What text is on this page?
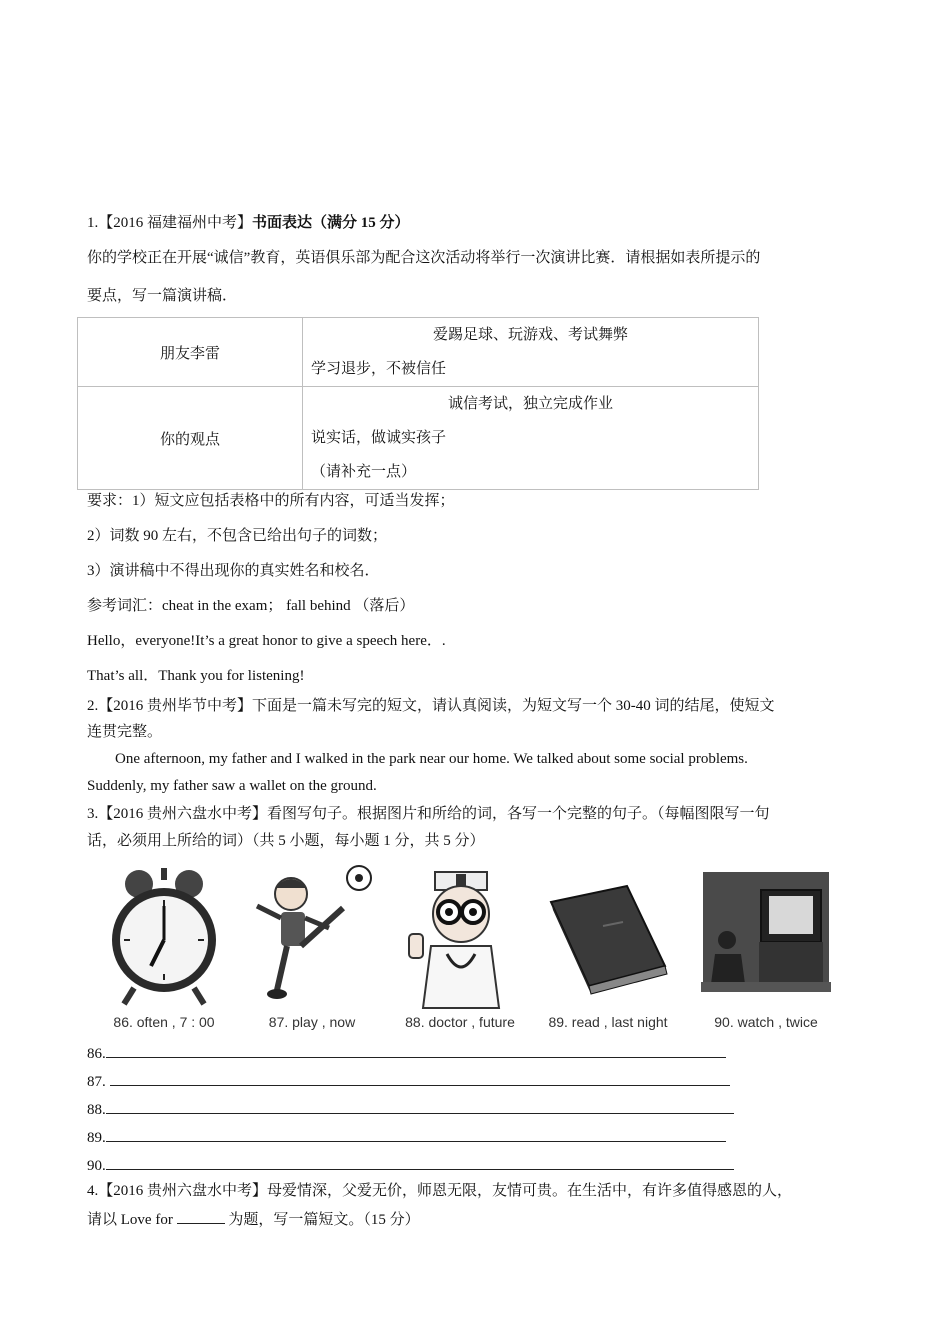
1.【2016 福建福州中考】书面表达（满分 15 分）
你的学校正在开展“诚信”教育，英语俱乐部为配合这次活动将举行一次演讲比赛．请根据如表所提示的
要点，写一篇演讲稿．
朋友李雷	爱踢足球、玩游戏、考试舞弊
学习退步，不被信任

你的观点	诚信考试，独立完成作业
说实话，做诚实孩子
（请补充一点）
要求：1）短文应包括表格中的所有内容，可适当发挥；
2）词数 90 左右，不包含已给出句子的词数；
3）演讲稿中不得出现你的真实姓名和校名．
参考词汇：cheat in the exam； fall behind （落后）
Hello，everyone!It’s a great honor to give a speech here．.
That’s all．Thank you for listening!
2.【2016 贵州毕节中考】下面是一篇未写完的短文，请认真阅读，为短文写一个 30-40 词的结尾，使短文
连贯完整。
One afternoon, my father and I walked in the park near our home. We talked about some social problems.
Suddenly, my father saw a wallet on the ground.
3.【2016 贵州六盘水中考】看图写句子。根据图片和所给的词，各写一个完整的句子。（每幅图限写一句
话，必须用上所给的词）（共 5 小题，每小题 1 分，共 5 分）
86. often , 7 : 00	87. play , now	88. doctor , future	89. read , last night	90. watch , twice
86.
87.
88.
89.
90.
4.【2016 贵州六盘水中考】母爱情深，父爱无价，师恩无限，友情可贵。在生活中，有许多值得感恩的人，
请以 Love for	为题，写一篇短文。（15 分）
